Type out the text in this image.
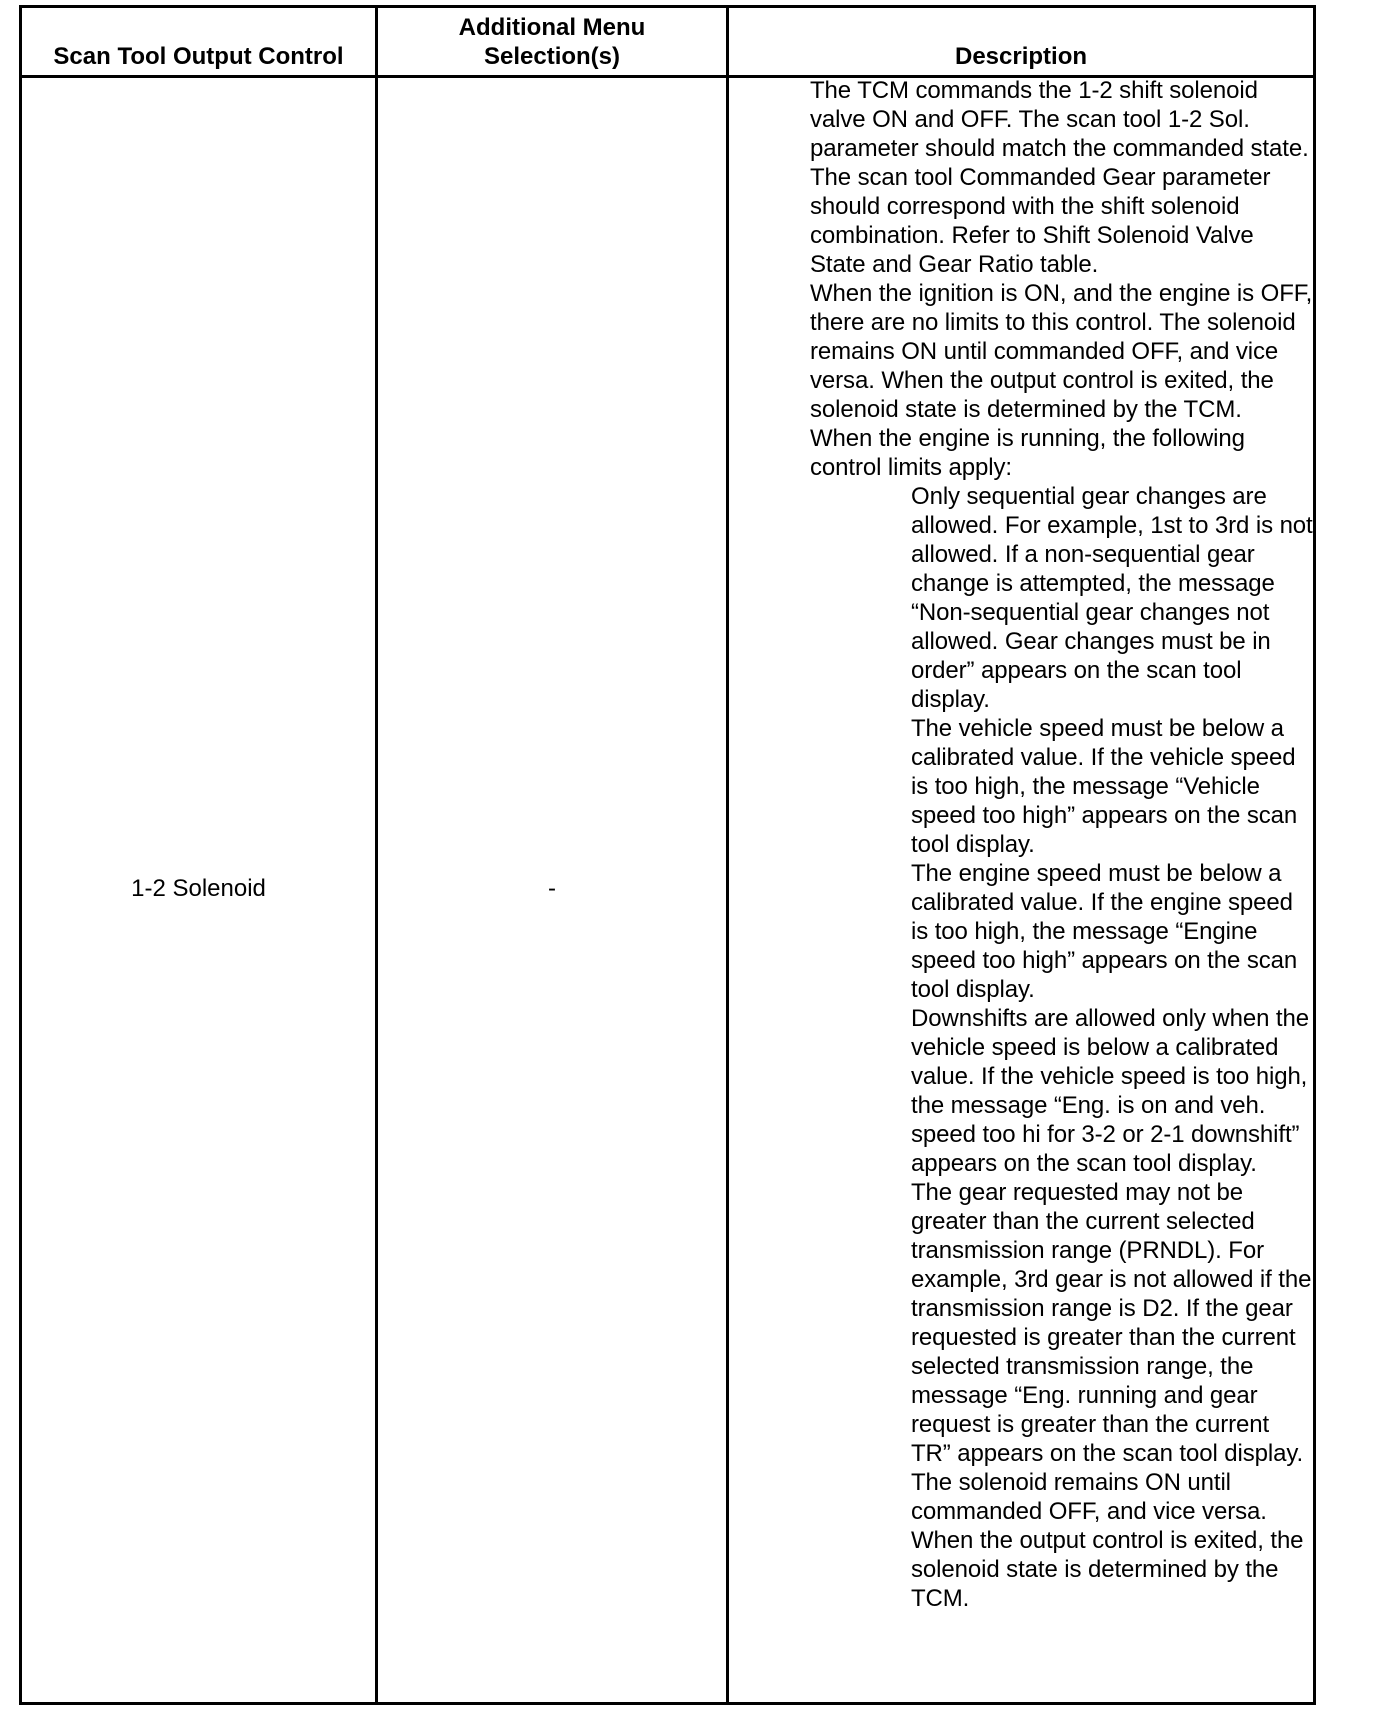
Scan Tool Output Control
Additional Menu
Selection(s)	Description
1-2 Solenoid	-

The TCM commands the 1-2 shift solenoid valve ON and OFF. The scan tool 1-2 Sol. parameter should match the commanded state. The scan tool Commanded Gear parameter should correspond with the shift solenoid combination. Refer to Shift Solenoid Valve State and Gear Ratio table.

When the ignition is ON, and the engine is OFF, there are no limits to this control. The solenoid remains ON until commanded OFF, and vice versa. When the output control is exited, the solenoid state is determined by the TCM.

When the engine is running, the following control limits apply:

Only sequential gear changes are allowed. For example, 1st to 3rd is not allowed. If a non-sequential gear change is attempted, the message “Non-sequential gear changes not allowed. Gear changes must be in order” appears on the scan tool display.
The vehicle speed must be below a calibrated value. If the vehicle speed is too high, the message “Vehicle speed too high” appears on the scan tool display.
The engine speed must be below a calibrated value. If the engine speed is too high, the message “Engine speed too high” appears on the scan tool display.
Downshifts are allowed only when the vehicle speed is below a calibrated value. If the vehicle speed is too high, the message “Eng. is on and veh. speed too hi for 3-2 or 2-1 downshift” appears on the scan tool display.
The gear requested may not be greater than the current selected transmission range (PRNDL). For example, 3rd gear is not allowed if the transmission range is D2. If the gear requested is greater than the current selected transmission range, the message “Eng. running and gear request is greater than the current TR” appears on the scan tool display.
The solenoid remains ON until commanded OFF, and vice versa. When the output control is exited, the solenoid state is determined by the TCM.
